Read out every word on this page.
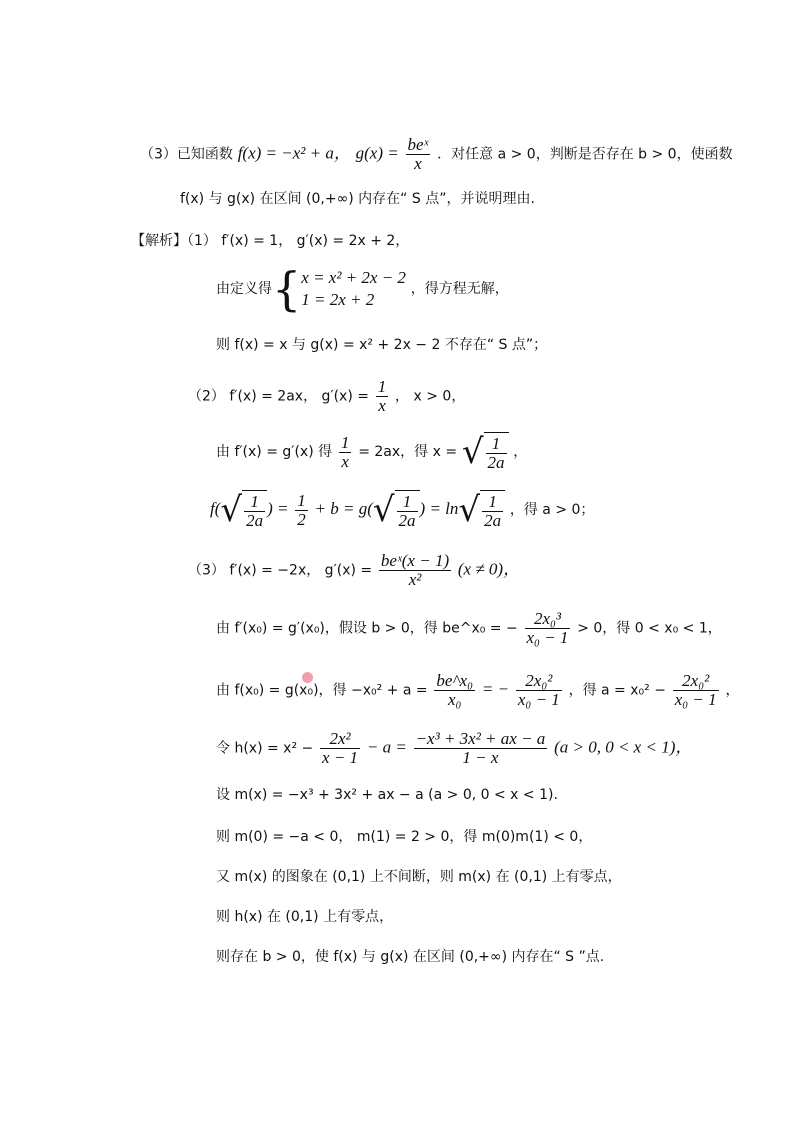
（3）已知函数 f(x) = −x² + a， $g(x) = \frac{\text{beˣ}}{x}$ ．对任意 a > 0，判断是否存在 b > 0，使函数
f(x) 与 g(x) 在区间 (0,+∞) 内存在“ S 点”，并说明理由.
【解析】（1） f′(x) = 1， g′(x) = 2x + 2，
由定义得{ x = x² + 2x − 2
1 = 2x + 2
，得方程无解，
则 f(x) = x 与 g(x) = x² + 2x − 2 不存在“ S 点”；
（2） f′(x) = 2ax， $g'(x) = \frac{1}{x}$ ， x > 0，
由 f′(x) = g′(x) 得 $\frac{1}{x} = 2ax$，得 x = √ $\frac{1}{2a}$ ，
$f(√ \frac{1}{2a}$ ) = $\frac{1}{2} + b = g(√ \frac{1}{2a}$ ) = $\ln√ \frac{1}{2a}$ ，得 a > 0；
（3） f′(x) = −2x， $g'(x) = \frac{\text{beˣ(x − 1)}}{\text{x²}} (x \ne 0)$，
由 f′(x₀) = g′(x₀)，假设 b > 0，得 be^x₀ = − $\frac{\text{2x₀³}}{\text{x₀ − 1}} > 0$，得 0 < x₀ < 1，
由 f(x₀) = g(x₀)，得 $-x_0^2 + a = \frac{\text{be\textasciicircum{}x₀}}{\text{x₀}}$ = − $\frac{\text{2x₀²}}{\text{x₀ − 1}}$ ，得 $a = x_0^2 - \frac{\text{2x₀²}}{\text{x₀ − 1}}$ ，
令 $h(x) = x^2 - \frac{\text{2x²}}{x - 1} - a = \frac{\text{−x³ + 3x² + ax − a}}{1 - x} (a > 0$, 0 < x < 1)，
设 m(x) = −x³ + 3x² + ax − a (a > 0, 0 < x < 1).
则 m(0) = −a < 0， m(1) = 2 > 0，得 m(0)m(1) < 0，
又 m(x) 的图象在 (0,1) 上不间断，则 m(x) 在 (0,1) 上有零点，
则 h(x) 在 (0,1) 上有零点，
则存在 b > 0，使 f(x) 与 g(x) 在区间 (0,+∞) 内存在“ S ”点.
